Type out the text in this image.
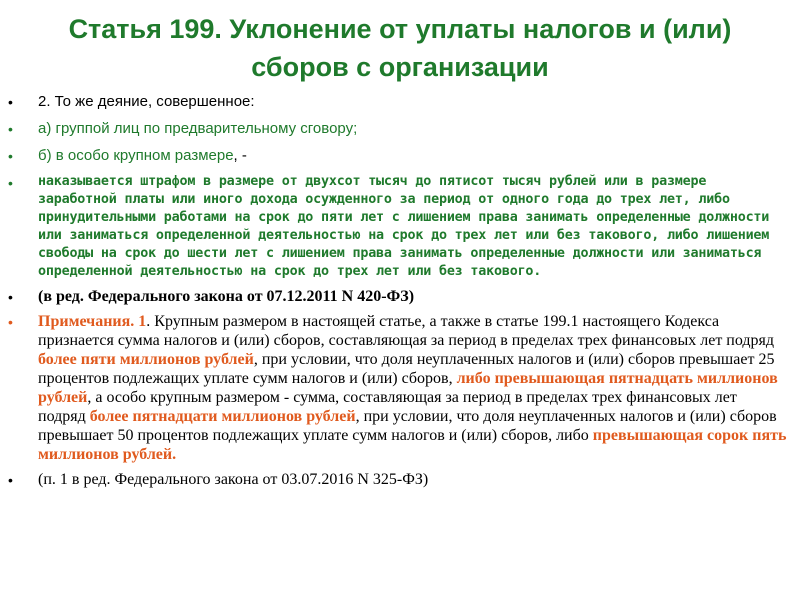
Статья 199. Уклонение от уплаты налогов и (или)
сборов с организации
• 2. То же деяние, совершенное:
• а) группой лиц по предварительному сговору;
• б) в особо крупном размере, -
• наказывается штрафом в размере от двухсот тысяч до пятисот тысяч рублей или в размере заработной платы или иного дохода осужденного за период от одного года до трех лет, либо принудительными работами на срок до пяти лет с лишением права занимать определенные должности или заниматься определенной деятельностью на срок до трех лет или без такового, либо лишением свободы на срок до шести лет с лишением права занимать определенные должности или заниматься определенной деятельностью на срок до трех лет или без такового.
• (в ред. Федерального закона от 07.12.2011 N 420-ФЗ)
• Примечания. 1. Крупным размером в настоящей статье, а также в статье 199.1 настоящего Кодекса признается сумма налогов и (или) сборов, составляющая за период в пределах трех финансовых лет подряд более пяти миллионов рублей, при условии, что доля неуплаченных налогов и (или) сборов превышает 25 процентов подлежащих уплате сумм налогов и (или) сборов, либо превышающая пятнадцать миллионов рублей, а особо крупным размером - сумма, составляющая за период в пределах трех финансовых лет подряд более пятнадцати миллионов рублей, при условии, что доля неуплаченных налогов и (или) сборов превышает 50 процентов подлежащих уплате сумм налогов и (или) сборов, либо превышающая сорок пять миллионов рублей.
• (п. 1 в ред. Федерального закона от 03.07.2016 N 325-ФЗ)
